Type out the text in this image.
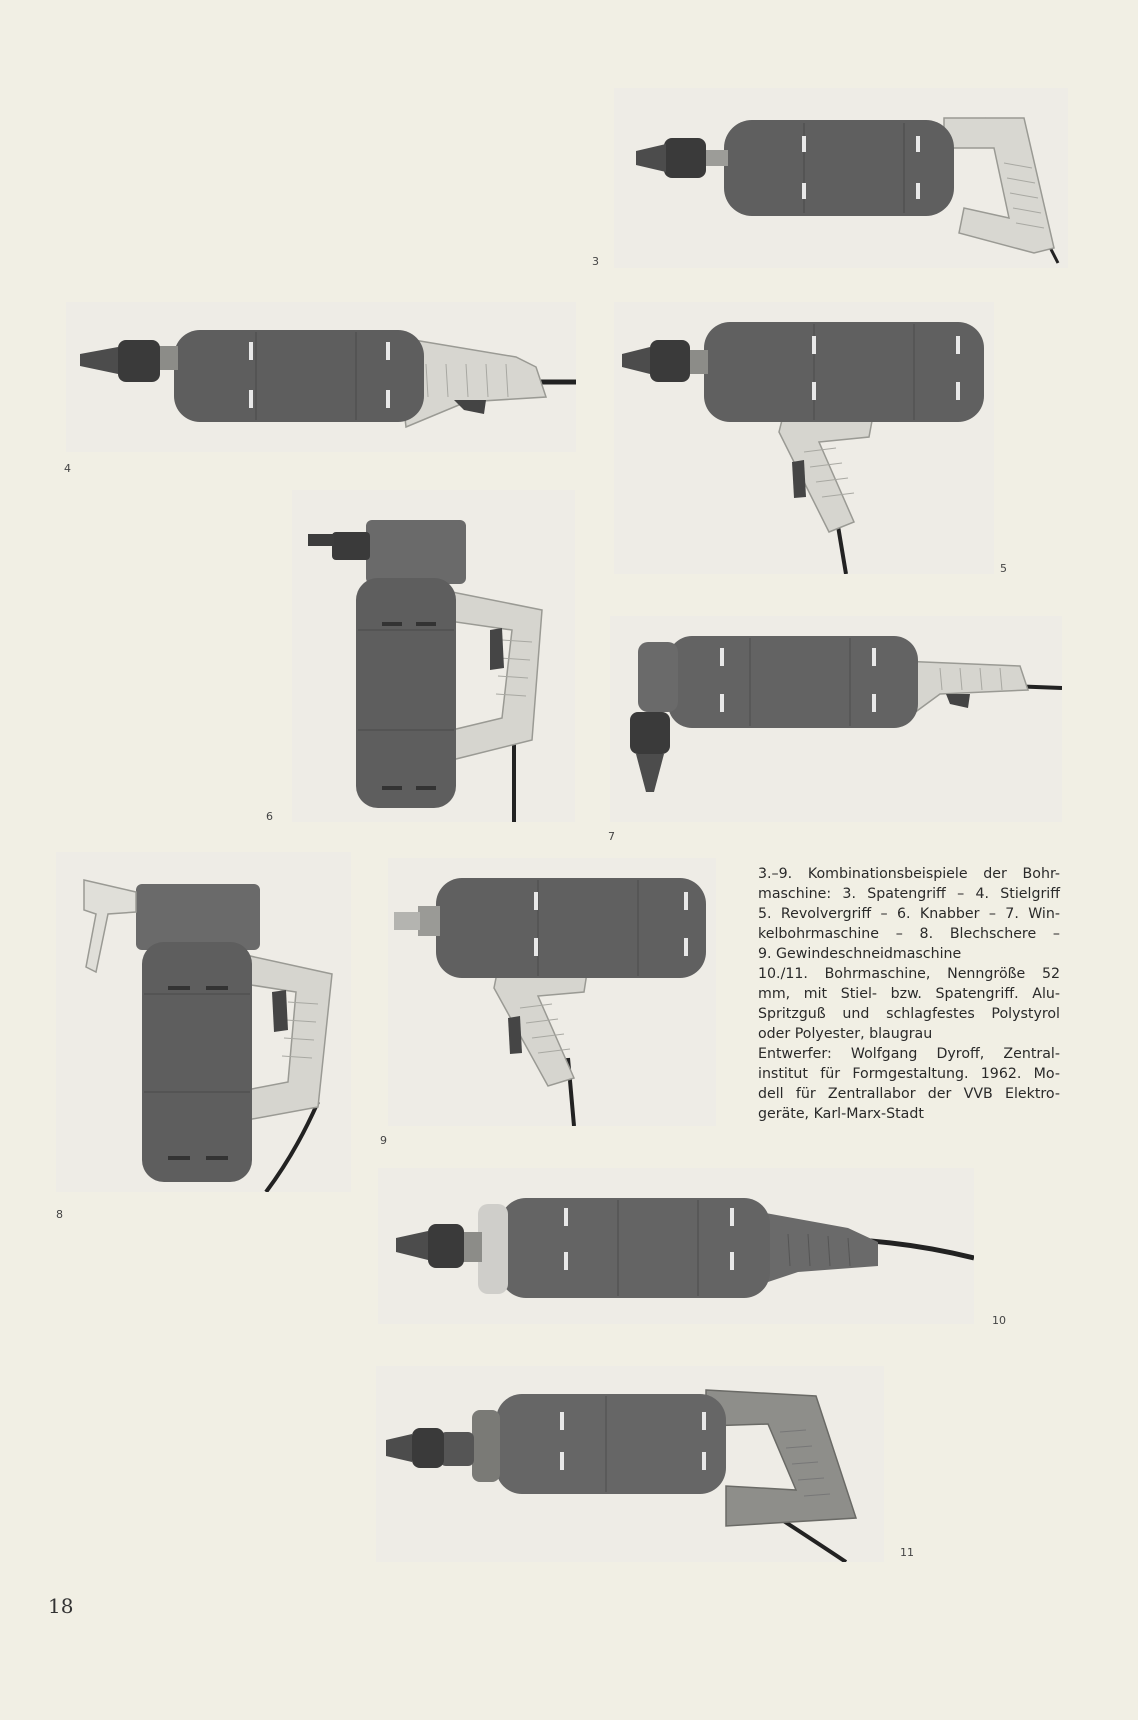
3
4
5
6
7
8
9
10
11
3.–9. Kombinationsbeispiele der Bohr-
maschine: 3. Spatengriff – 4. Stielgriff
5. Revolvergriff – 6. Knabber – 7. Win-
kelbohrmaschine – 8. Blechschere –
9. Gewindeschneidmaschine
10./11. Bohrmaschine, Nenngröße 52
mm, mit Stiel- bzw. Spatengriff. Alu-
Spritzguß und schlagfestes Polystyrol
oder Polyester, blaugrau
Entwerfer: Wolfgang Dyroff, Zentral-
institut für Formgestaltung. 1962. Mo-
dell für Zentrallabor der VVB Elektro-
geräte, Karl-Marx-Stadt
18
